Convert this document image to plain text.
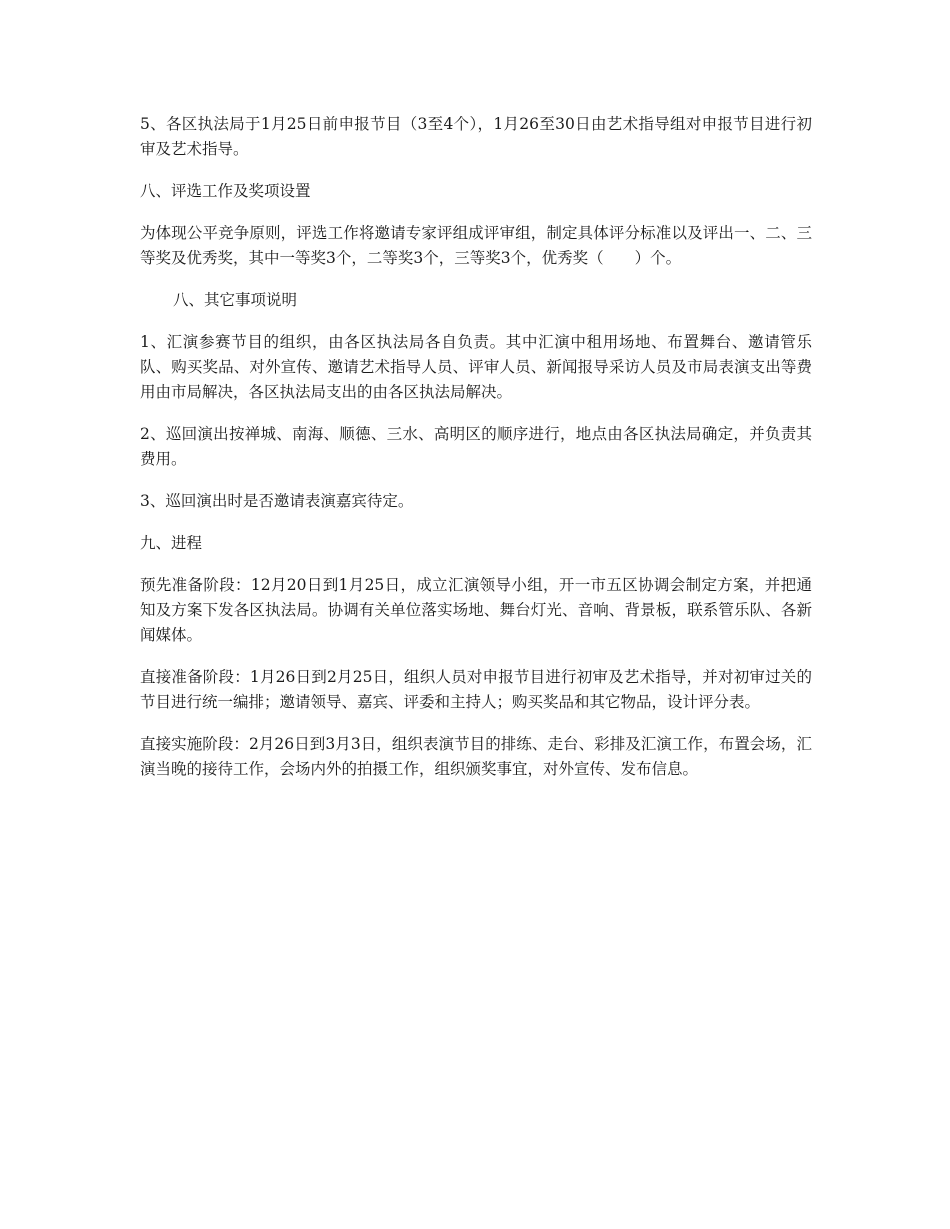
5、各区执法局于1月25日前申报节目（3至4个），1月26至30日由艺术指导组对申报节目进行初审及艺术指导。

八、评选工作及奖项设置

为体现公平竞争原则，评选工作将邀请专家评组成评审组，制定具体评分标准以及评出一、二、三等奖及优秀奖，其中一等奖3个，二等奖3个，三等奖3个，优秀奖（　　）个。

八、其它事项说明

1、汇演参赛节目的组织，由各区执法局各自负责。其中汇演中租用场地、布置舞台、邀请管乐队、购买奖品、对外宣传、邀请艺术指导人员、评审人员、新闻报导采访人员及市局表演支出等费用由市局解决，各区执法局支出的由各区执法局解决。

2、巡回演出按禅城、南海、顺德、三水、高明区的顺序进行，地点由各区执法局确定，并负责其费用。

3、巡回演出时是否邀请表演嘉宾待定。

九、进程

预先准备阶段：12月20日到1月25日，成立汇演领导小组，开一市五区协调会制定方案，并把通知及方案下发各区执法局。协调有关单位落实场地、舞台灯光、音响、背景板，联系管乐队、各新闻媒体。

直接准备阶段：1月26日到2月25日，组织人员对申报节目进行初审及艺术指导，并对初审过关的节目进行统一编排；邀请领导、嘉宾、评委和主持人；购买奖品和其它物品，设计评分表。

直接实施阶段：2月26日到3月3日，组织表演节目的排练、走台、彩排及汇演工作，布置会场，汇演当晚的接待工作，会场内外的拍摄工作，组织颁奖事宜，对外宣传、发布信息。
